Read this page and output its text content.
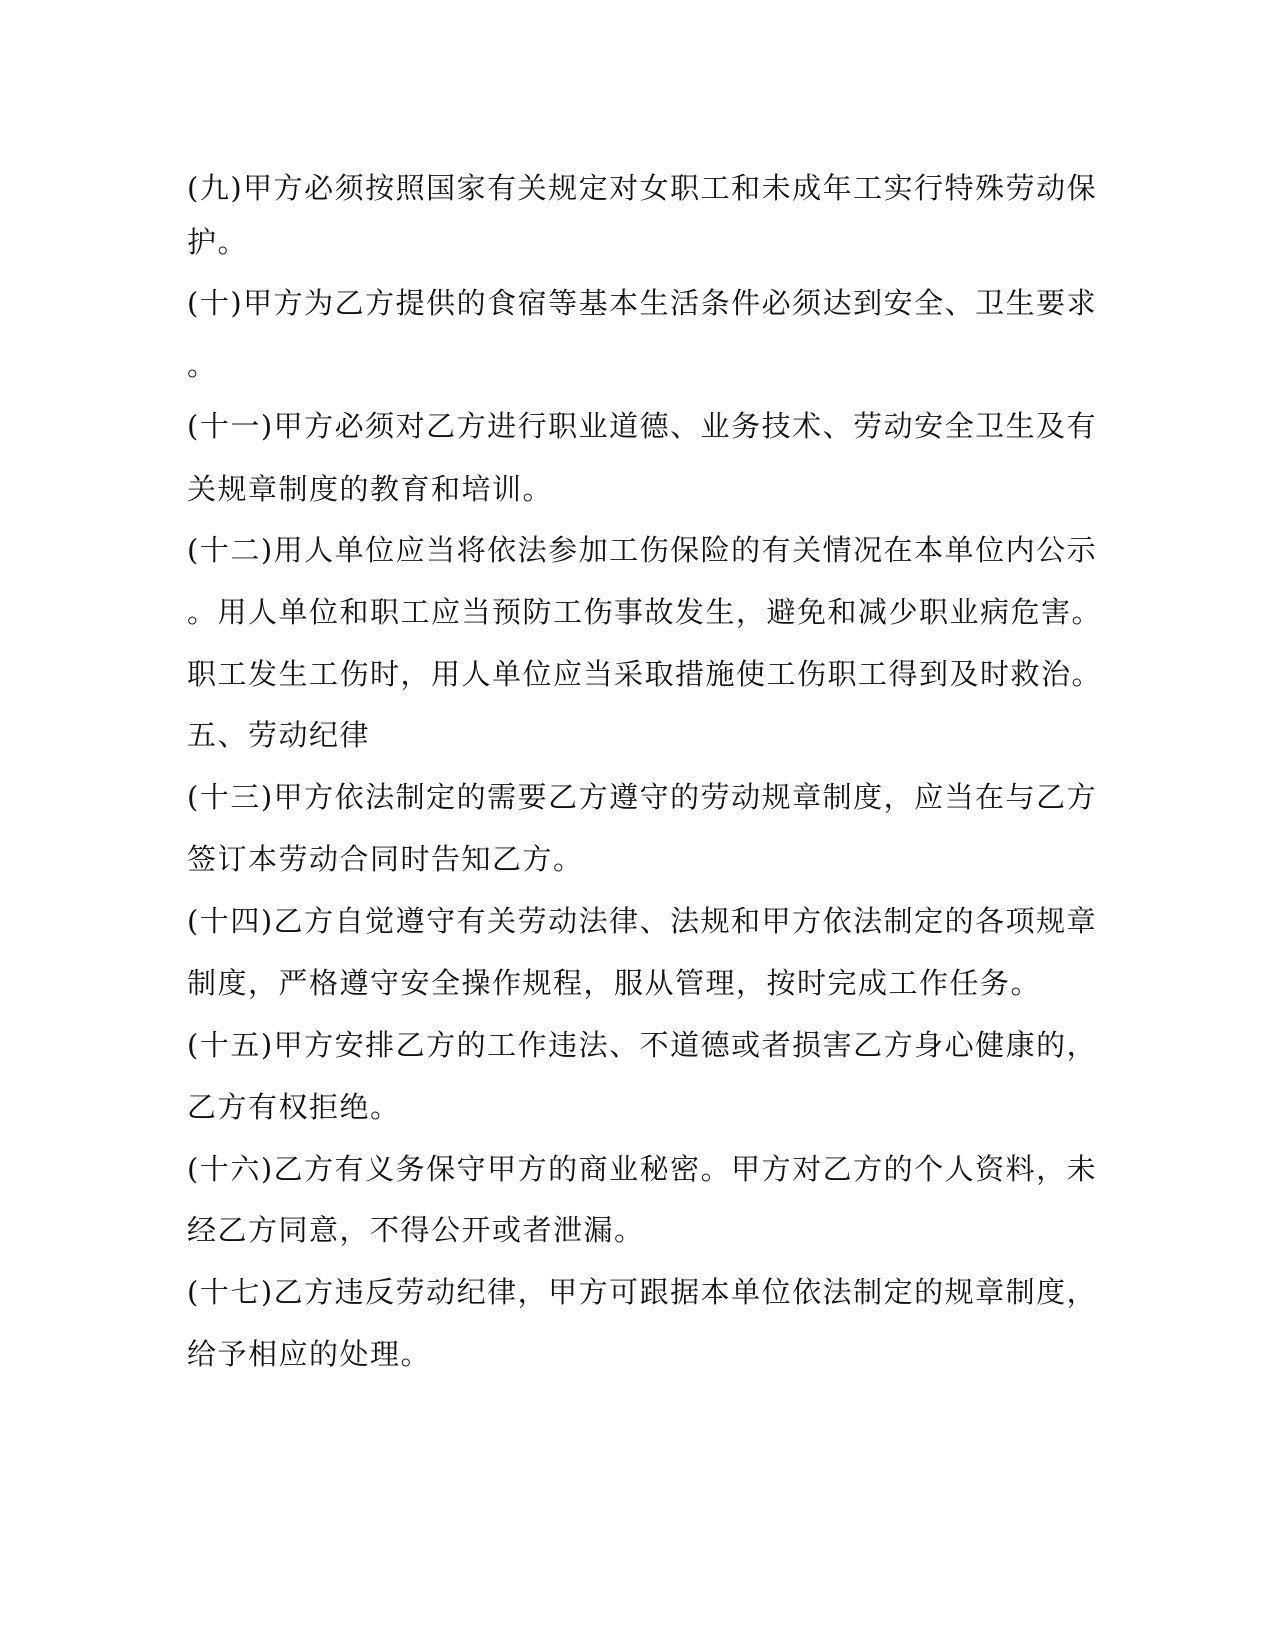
(九)甲方必须按照国家有关规定对女职工和未成年工实行特殊劳动保
护。
(十)甲方为乙方提供的食宿等基本生活条件必须达到安全、卫生要求
。
(十一)甲方必须对乙方进行职业道德、业务技术、劳动安全卫生及有
关规章制度的教育和培训。
(十二)用人单位应当将依法参加工伤保险的有关情况在本单位内公示
。用人单位和职工应当预防工伤事故发生，避免和减少职业病危害。
职工发生工伤时，用人单位应当采取措施使工伤职工得到及时救治。
五、劳动纪律
(十三)甲方依法制定的需要乙方遵守的劳动规章制度，应当在与乙方
签订本劳动合同时告知乙方。
(十四)乙方自觉遵守有关劳动法律、法规和甲方依法制定的各项规章
制度，严格遵守安全操作规程，服从管理，按时完成工作任务。
(十五)甲方安排乙方的工作违法、不道德或者损害乙方身心健康的，
乙方有权拒绝。
(十六)乙方有义务保守甲方的商业秘密。甲方对乙方的个人资料，未
经乙方同意，不得公开或者泄漏。
(十七)乙方违反劳动纪律，甲方可跟据本单位依法制定的规章制度，
给予相应的处理。
